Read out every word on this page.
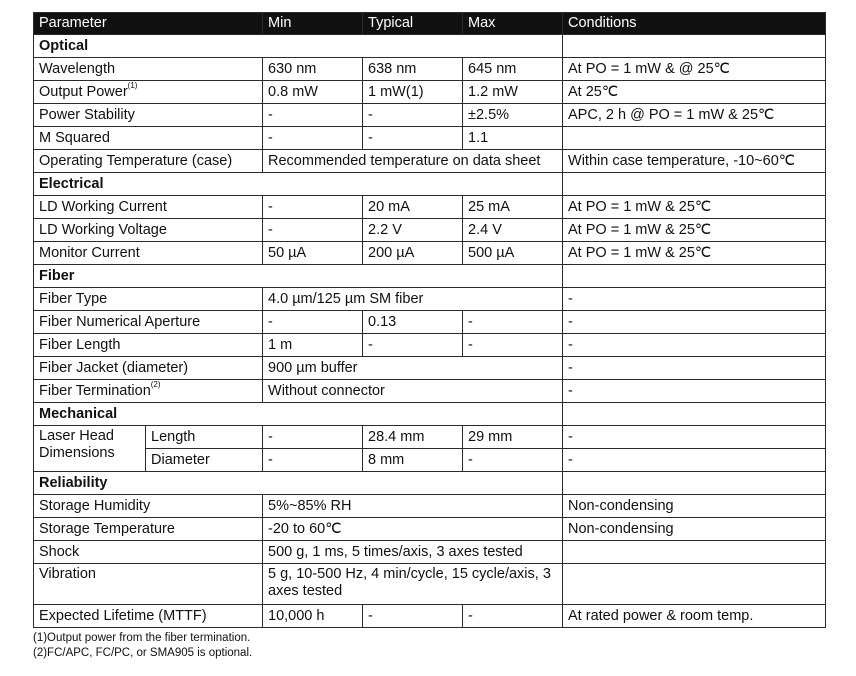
Parameter		Min	Typical	Max	Conditions
Optical					
Wavelength		630 nm	638 nm	645 nm	At PO = 1 mW & @ 25℃
Output Power$^{(1)}$		0.8 mW	1 mW(1)	1.2 mW	At 25℃
Power Stability		-	-	±2.5%	APC, 2 h @ PO = 1 mW & 25℃
M Squared		-	-	1.1	
Operating Temperature (case)		Recommended temperature on data sheet			Within case temperature, -10~60℃
Electrical					
LD Working Current		-	20 mA	25 mA	At PO = 1 mW & 25℃
LD Working Voltage		-	2.2 V	2.4 V	At PO = 1 mW & 25℃
Monitor Current		50 µA	200 µA	500 µA	At PO = 1 mW & 25℃
Fiber					
Fiber Type		4.0 µm/125 µm SM fiber			-
Fiber Numerical Aperture		-	0.13	-	-
Fiber Length		1 m	-	-	-
Fiber Jacket (diameter)		900 µm buffer			-
Fiber Termination$^{(2)}$		Without connector			-
Mechanical					
Laser Head Dimensions	Length	-	28.4 mm	29 mm	-
	Diameter	-	8 mm	-	-
Reliability					
Storage Humidity		5%~85% RH			Non-condensing
Storage Temperature		-20 to 60℃			Non-condensing
Shock		500 g, 1 ms, 5 times/axis, 3 axes tested			
Vibration		5 g, 10-500 Hz, 4 min/cycle, 15 cycle/axis, 3 axes tested			
Expected Lifetime (MTTF)		10,000 h	-	-	At rated power & room temp.
(1)Output power from the fiber termination.
(2)FC/APC, FC/PC, or SMA905 is optional.
